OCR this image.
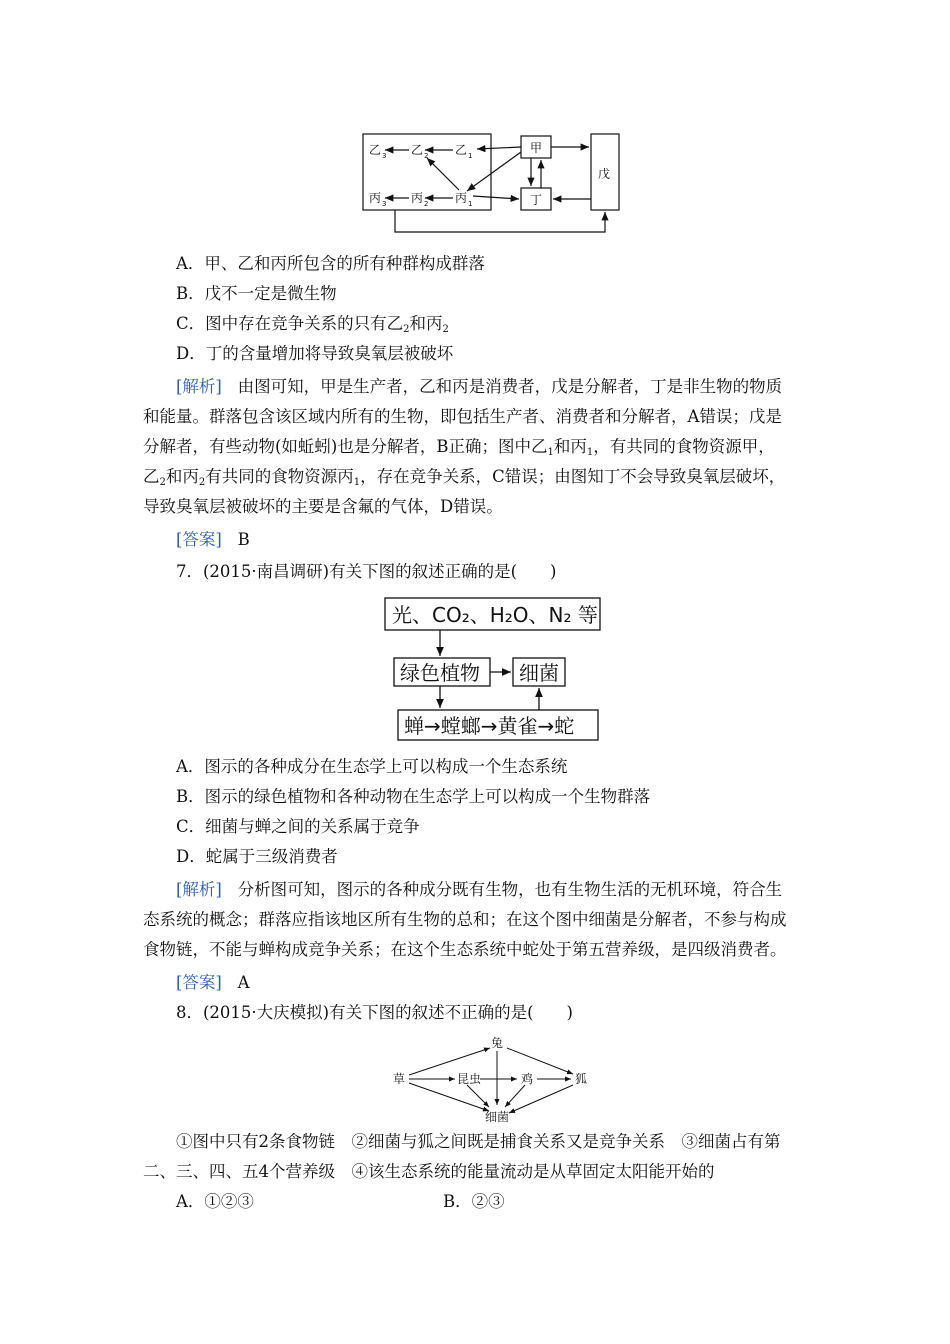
乙 3 乙 2 乙 1
丙 3 丙 2 丙 1
甲
丁
戊
A．甲、乙和丙所包含的所有种群构成群落
B．戊不一定是微生物
C．图中存在竞争关系的只有乙$_2$和丙$_2$
D．丁的含量增加将导致臭氧层被破坏
[解析] 由图可知，甲是生产者，乙和丙是消费者，戊是分解者，丁是非生物的物质
和能量。群落包含该区域内所有的生物，即包括生产者、消费者和分解者，A错误；戊是
分解者，有些动物(如蚯蚓)也是分解者，B正确；图中乙$_1$和丙$_1$，有共同的食物资源甲，
乙$_2$和丙$_2$有共同的食物资源丙$_1$，存在竞争关系，C错误；由图知丁不会导致臭氧层破坏，
导致臭氧层被破坏的主要是含氟的气体，D错误。
[答案] B
7．(2015·南昌调研)有关下图的叙述正确的是(　　)
光、CO₂、H₂O、N₂ 等
绿色植物 细菌
蝉→螳螂→黄雀→蛇
A．图示的各种成分在生态学上可以构成一个生态系统
B．图示的绿色植物和各种动物在生态学上可以构成一个生物群落
C．细菌与蝉之间的关系属于竞争
D．蛇属于三级消费者
[解析] 分析图可知，图示的各种成分既有生物，也有生物生活的无机环境，符合生
态系统的概念；群落应指该地区所有生物的总和；在这个图中细菌是分解者，不参与构成
食物链，不能与蝉构成竞争关系；在这个生态系统中蛇处于第五营养级，是四级消费者。
[答案] A
8．(2015·大庆模拟)有关下图的叙述不正确的是(　　)
草
兔
昆虫	鸡	狐
细菌
①图中只有2条食物链　②细菌与狐之间既是捕食关系又是竞争关系　③细菌占有第
二、三、四、五4个营养级　④该生态系统的能量流动是从草固定太阳能开始的
A．①②③	B．②③
